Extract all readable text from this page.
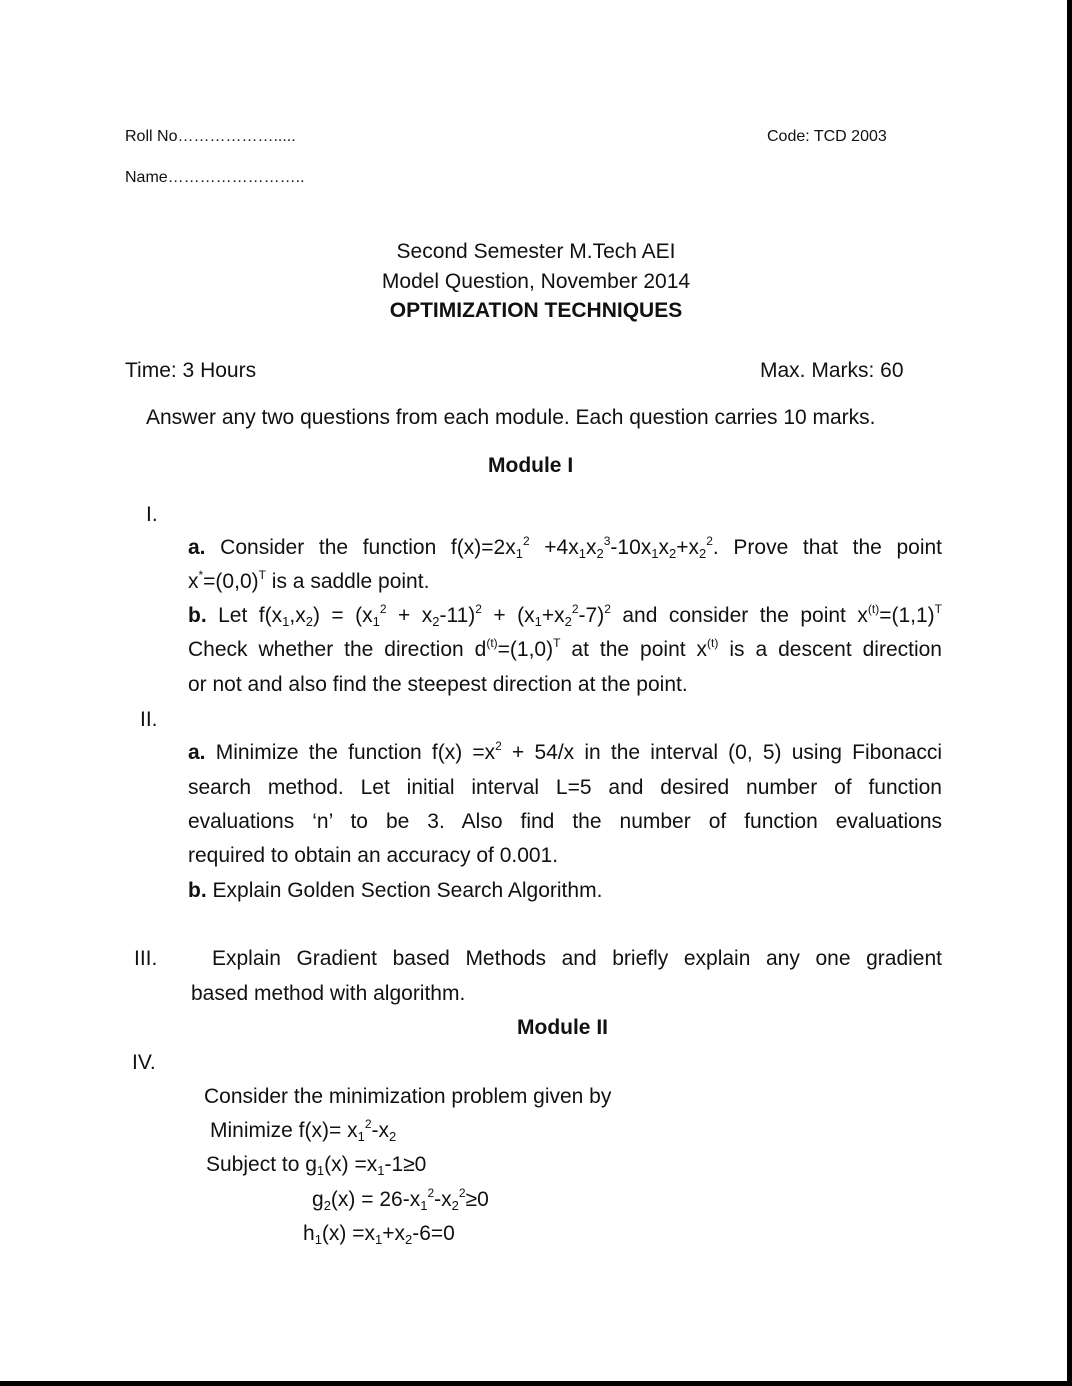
Roll No……………….....	Code: TCD 2003
Name……………………..
Second Semester M.Tech AEI
Model Question, November 2014
OPTIMIZATION TECHNIQUES
Time: 3 Hours	Max. Marks: 60
Answer any two questions from each module. Each question carries 10 marks.
Module I
I.
a. Consider the function $f(x)=2x_1^2 +4x_1x_2^3-10x_1x_2+x_2^2$. Prove that the point
$x^*=(0,0)^T$ is a saddle point.
b. Let $f(x_1,x_2) = (x_1^2 + x_2-11)^2 + (x_1+x_2^2-7)^2$ and consider the point $x^{(t)}=(1,1)^T$
Check whether the direction $d^{(t)}=(1,0)^T$ at the point $x^{(t)}$ is a descent direction
or not and also find the steepest direction at the point.
II.
a. Minimize the function $f(x) =x^2 + 54/x$ in the interval (0, 5) using Fibonacci
search method. Let initial interval L=5 and desired number of function
evaluations ‘n’ to be 3. Also find the number of function evaluations
required to obtain an accuracy of 0.001.
b. Explain Golden Section Search Algorithm.
III.	Explain Gradient based Methods and briefly explain any one gradient
based method with algorithm.
Module II
IV.
Consider the minimization problem given by
Minimize $f(x)= x_1^2-x_2$
Subject to $g_1(x) =x_1-1\ge 0$
$g_2(x) = 26-x_1^2-x_2^2\ge 0$
$h_1(x) =x_1+x_2-6=0$
